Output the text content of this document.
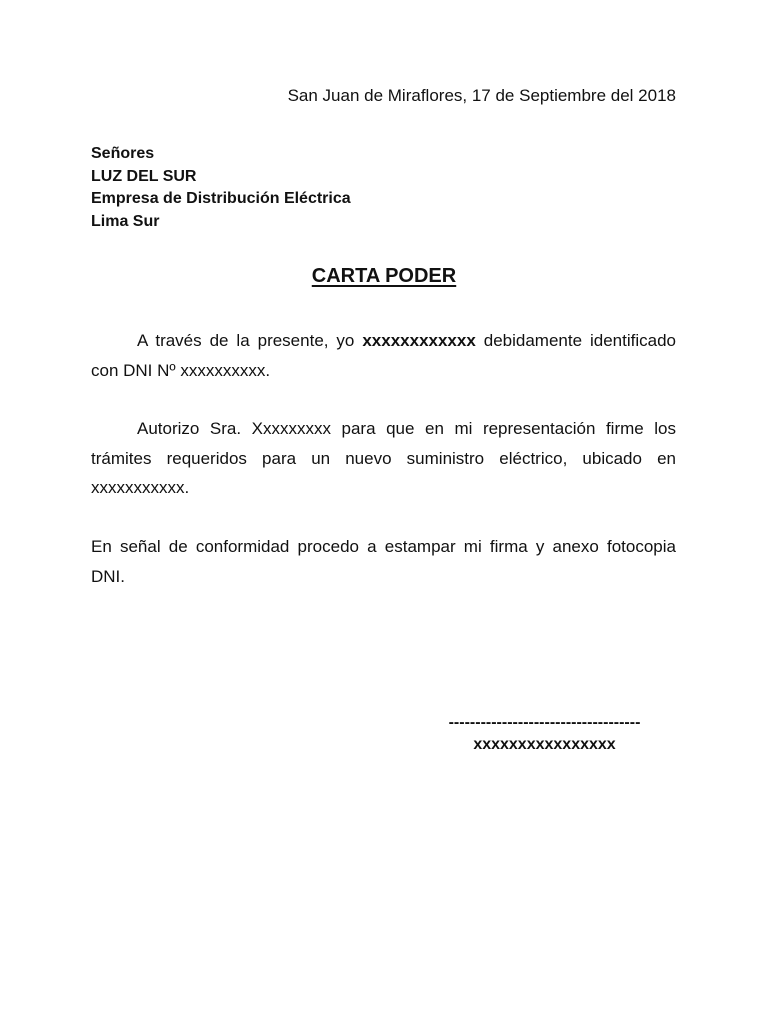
San Juan de Miraflores, 17 de Septiembre del 2018
Señores
LUZ DEL SUR
Empresa de Distribución Eléctrica
Lima Sur
CARTA PODER

A través de la presente, yo xxxxxxxxxxxx debidamente identificado con DNI Nº xxxxxxxxxx.

Autorizo Sra. Xxxxxxxxx para que en mi representación firme los trámites requeridos para un nuevo suministro eléctrico, ubicado en xxxxxxxxxxx.

En señal de conformidad procedo a estampar mi firma y anexo fotocopia DNI.

------------------------------------
xxxxxxxxxxxxxxxx
